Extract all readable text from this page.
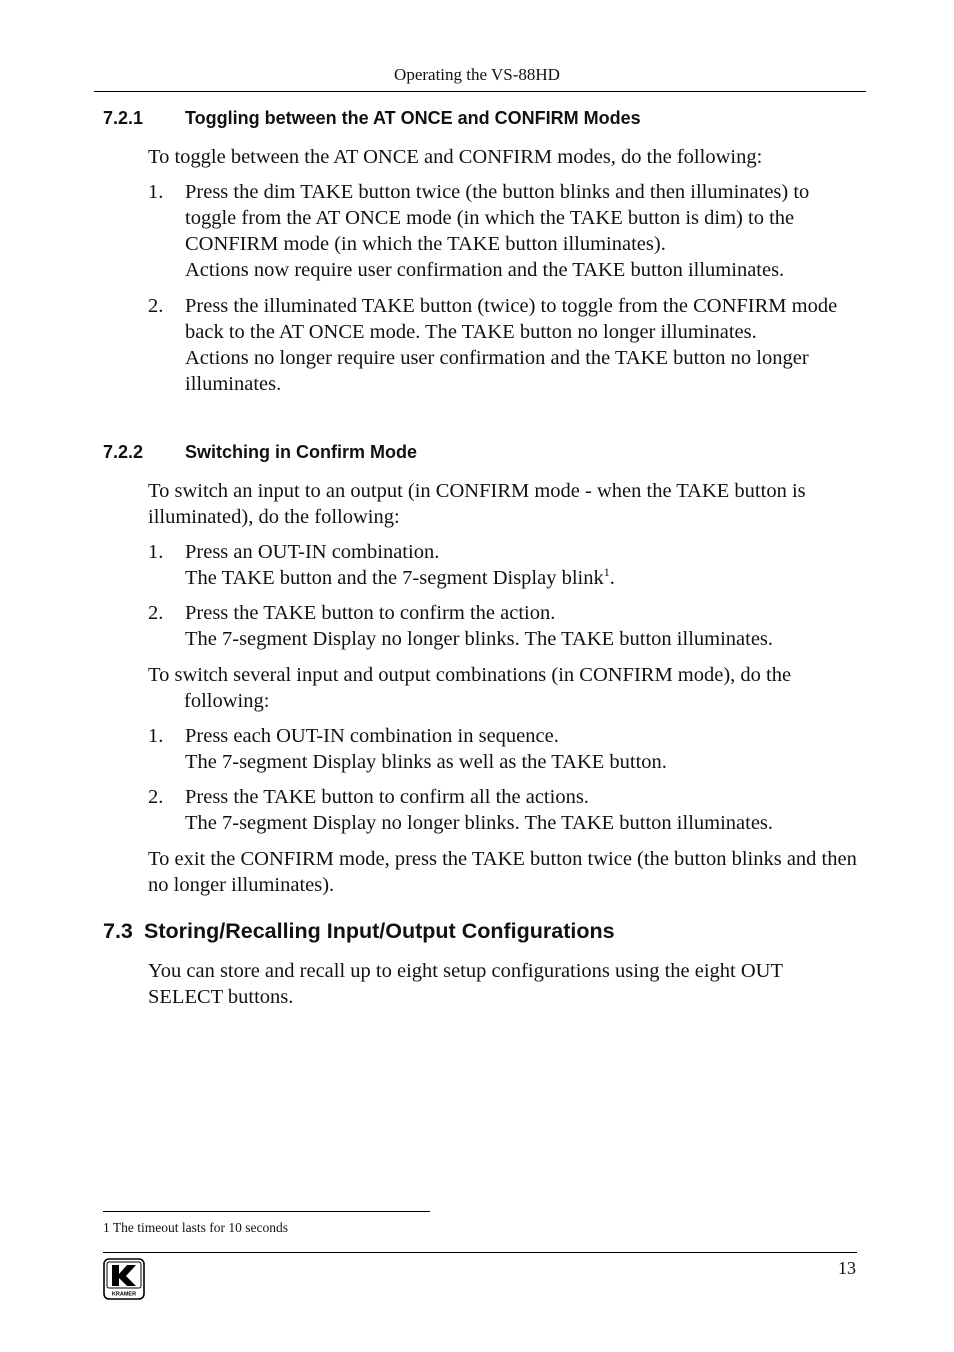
Operating the VS-88HD
7.2.1 Toggling between the AT ONCE and CONFIRM Modes
To toggle between the AT ONCE and CONFIRM modes, do the following:
1. Press the dim TAKE button twice (the button blinks and then illuminates) to toggle from the AT ONCE mode (in which the TAKE button is dim) to the CONFIRM mode (in which the TAKE button illuminates).
Actions now require user confirmation and the TAKE button illuminates.
2. Press the illuminated TAKE button (twice) to toggle from the CONFIRM mode back to the AT ONCE mode. The TAKE button no longer illuminates.
Actions no longer require user confirmation and the TAKE button no longer illuminates.
7.2.2 Switching in Confirm Mode
To switch an input to an output (in CONFIRM mode - when the TAKE button is illuminated), do the following:
1. Press an OUT-IN combination.
The TAKE button and the 7-segment Display blink$^1$.
2. Press the TAKE button to confirm the action.
The 7-segment Display no longer blinks. The TAKE button illuminates.
To switch several input and output combinations (in CONFIRM mode), do the following:
1. Press each OUT-IN combination in sequence.
The 7-segment Display blinks as well as the TAKE button.
2. Press the TAKE button to confirm all the actions.
The 7-segment Display no longer blinks. The TAKE button illuminates.
To exit the CONFIRM mode, press the TAKE button twice (the button blinks and then no longer illuminates).
7.3 Storing/Recalling Input/Output Configurations
You can store and recall up to eight setup configurations using the eight OUT SELECT buttons.
1 The timeout lasts for 10 seconds
KRAMER
13
